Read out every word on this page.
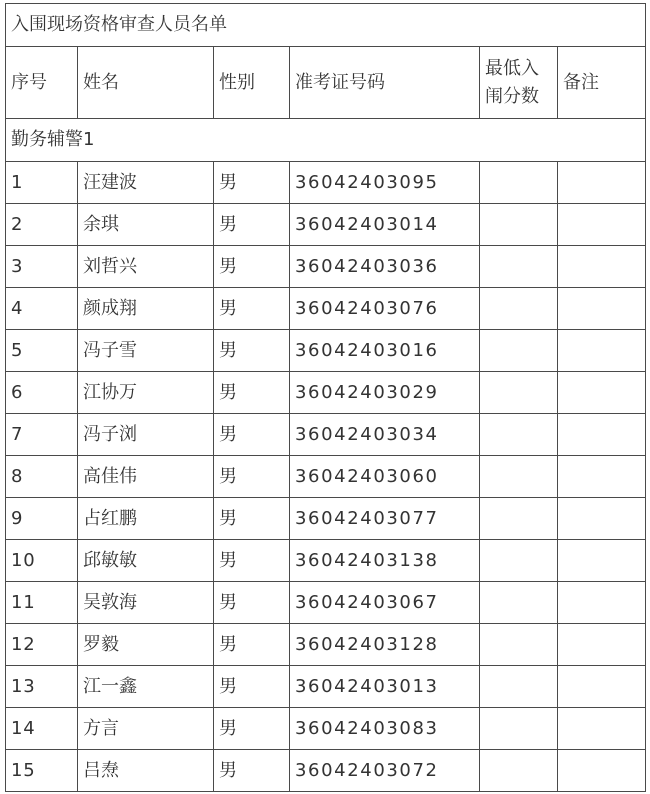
入围现场资格审查人员名单					
序号	姓名	性别	准考证号码	最低入闱分数	备注
勤务辅警1					
1	汪建波	男	36042403095		
2	余琪	男	36042403014		
3	刘哲兴	男	36042403036		
4	颜成翔	男	36042403076		
5	冯子雪	男	36042403016		
6	江协万	男	36042403029		
7	冯子浏	男	36042403034		
8	高佳伟	男	36042403060		
9	占红鹏	男	36042403077		
10	邱敏敏	男	36042403138		
11	吴敦海	男	36042403067		
12	罗毅	男	36042403128		
13	江一鑫	男	36042403013		
14	方言	男	36042403083		
15	吕焘	男	36042403072		
